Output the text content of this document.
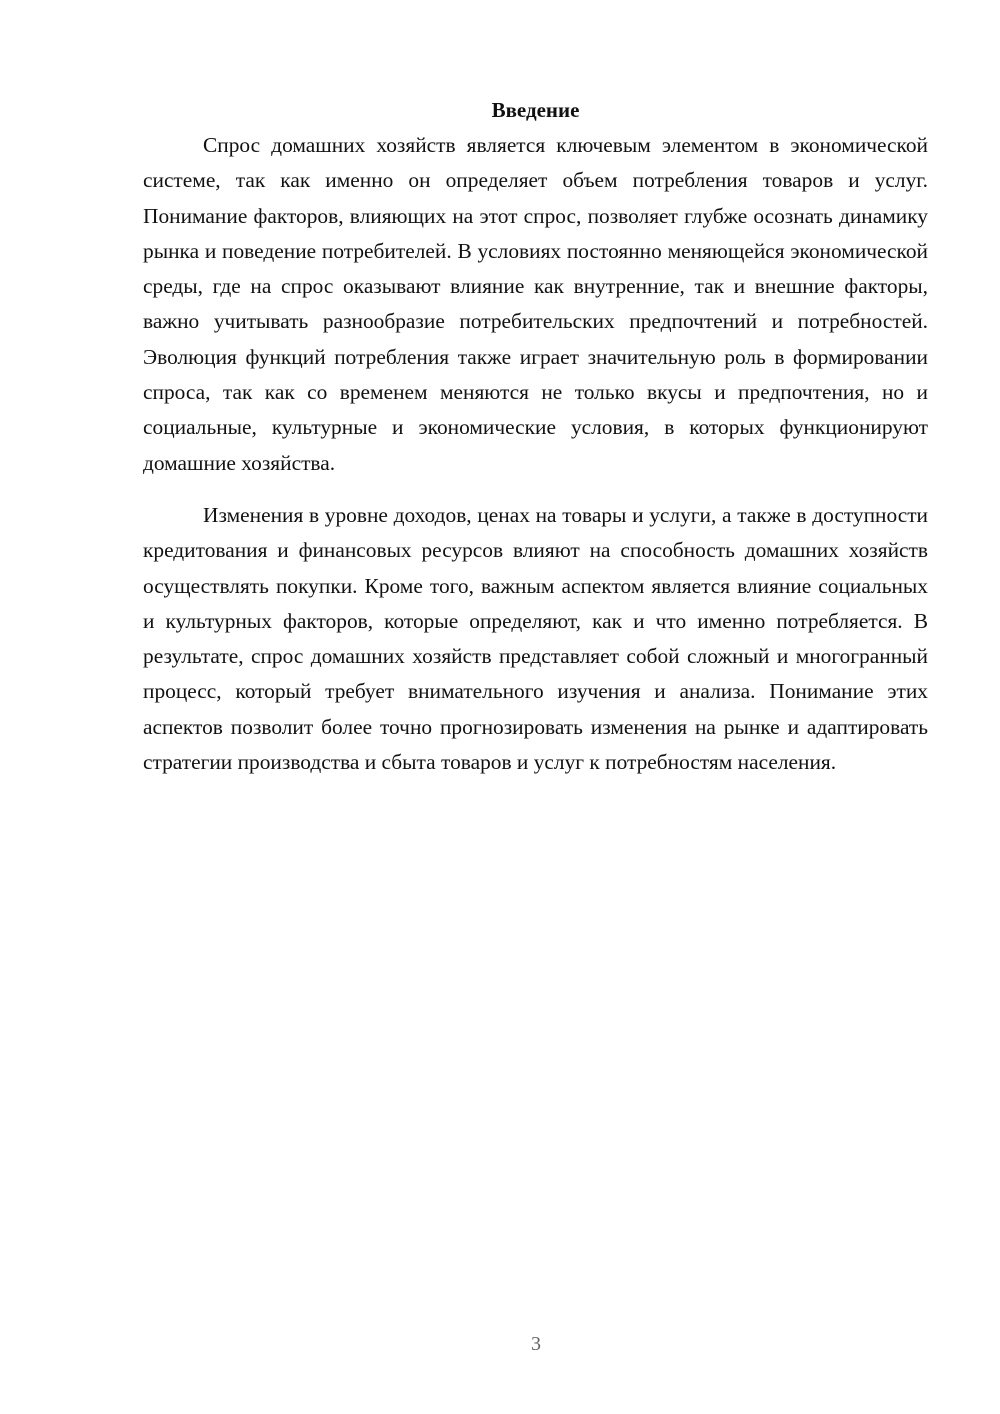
Введение

Спрос домашних хозяйств является ключевым элементом в экономической системе, так как именно он определяет объем потребления товаров и услуг. Понимание факторов, влияющих на этот спрос, позволяет глубже осознать динамику рынка и поведение потребителей. В условиях постоянно меняющейся экономической среды, где на спрос оказывают влияние как внутренние, так и внешние факторы, важно учитывать разнообразие потребительских предпочтений и потребностей. Эволюция функций потребления также играет значительную роль в формировании спроса, так как со временем меняются не только вкусы и предпочтения, но и социальные, культурные и экономические условия, в которых функционируют домашние хозяйства.

Изменения в уровне доходов, ценах на товары и услуги, а также в доступности кредитования и финансовых ресурсов влияют на способность домашних хозяйств осуществлять покупки. Кроме того, важным аспектом является влияние социальных и культурных факторов, которые определяют, как и что именно потребляется. В результате, спрос домашних хозяйств представляет собой сложный и многогранный процесс, который требует внимательного изучения и анализа. Понимание этих аспектов позволит более точно прогнозировать изменения на рынке и адаптировать стратегии производства и сбыта товаров и услуг к потребностям населения.

3
